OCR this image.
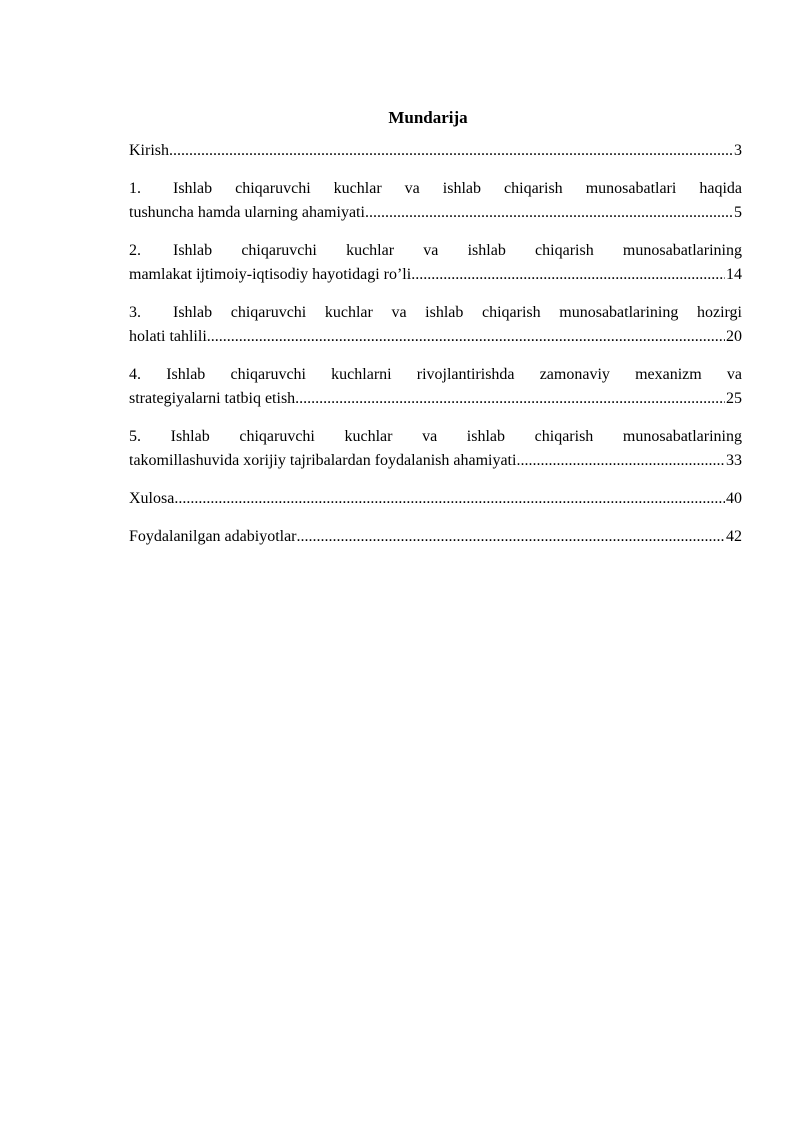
Mundarija
Kirish .....	3
1. Ishlab chiqaruvchi kuchlar va ishlab chiqarish munosabatlari haqida
tushuncha hamda ularning ahamiyati .....	5
2. Ishlab chiqaruvchi kuchlar va ishlab chiqarish munosabatlarining
mamlakat ijtimoiy-iqtisodiy hayotidagi ro’li .....	14
3. Ishlab chiqaruvchi kuchlar va ishlab chiqarish munosabatlarining hozirgi
holati tahlili .....	20
4. Ishlab chiqaruvchi kuchlarni rivojlantirishda zamonaviy mexanizm va
strategiyalarni tatbiq etish .....	25
5. Ishlab chiqaruvchi kuchlar va ishlab chiqarish munosabatlarining
takomillashuvida xorijiy tajribalardan foydalanish ahamiyati .....	33
Xulosa .....	40
Foydalanilgan adabiyotlar .....	42
